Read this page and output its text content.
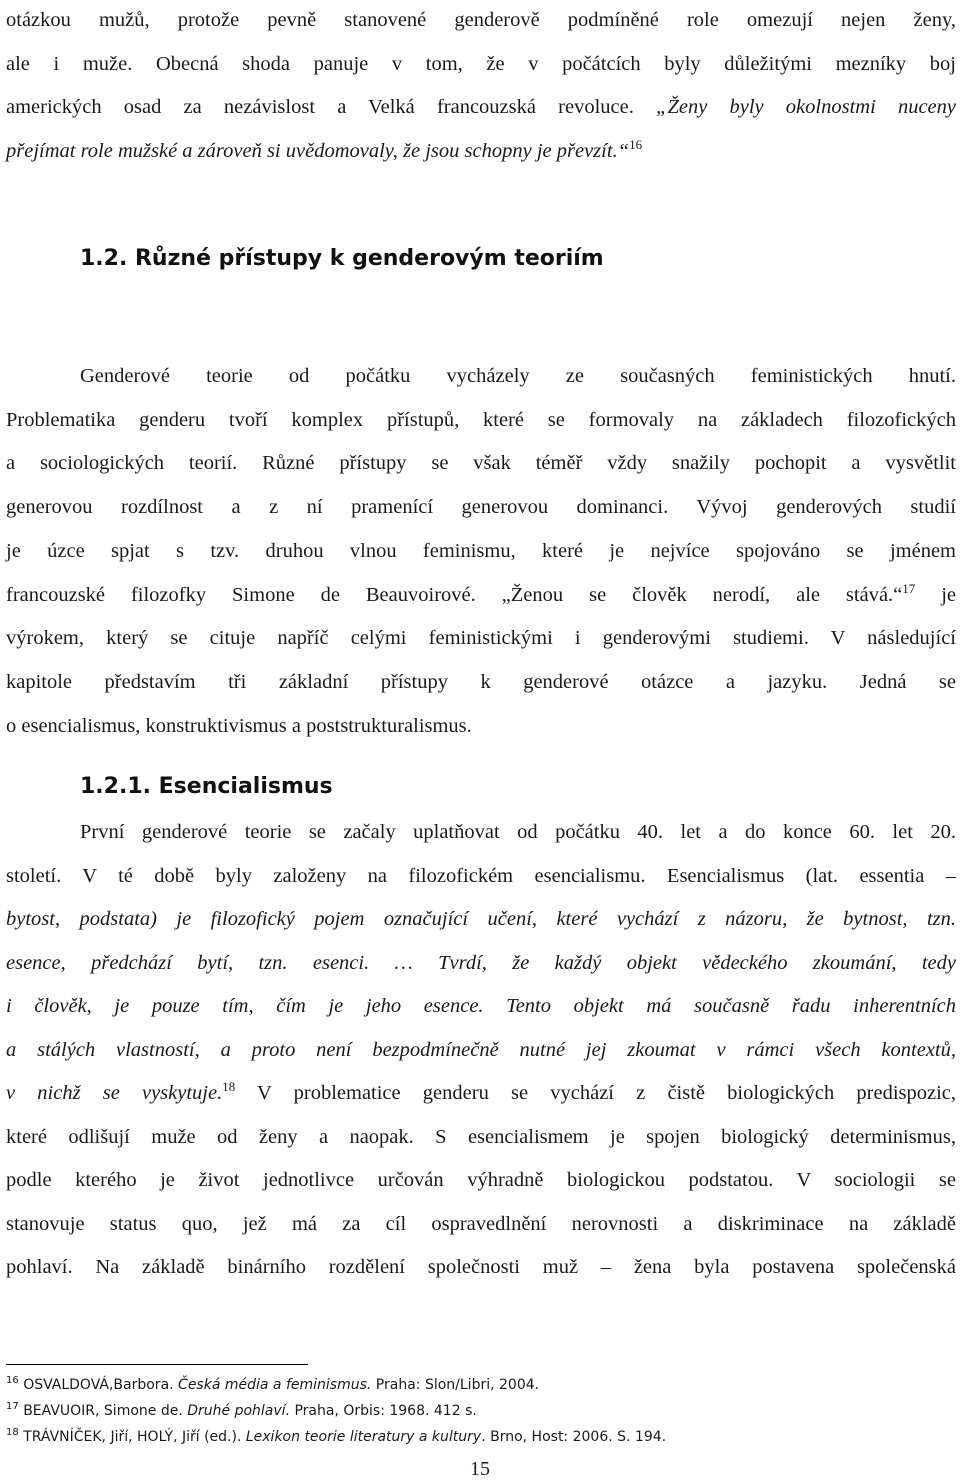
otázkou mužů, protože pevně stanovené genderově podmíněné role omezují nejen ženy,
ale i muže. Obecná shoda panuje v tom, že v počátcích byly důležitými mezníky boj
amerických osad za nezávislost a Velká francouzská revoluce. „Ženy byly okolnostmi nuceny
přejímat role mužské a zároveň si uvědomovaly, že jsou schopny je převzít.“$^{16}$
1.2. Různé přístupy k genderovým teoriím
Genderové teorie od počátku vycházely ze současných feministických hnutí.
Problematika genderu tvoří komplex přístupů, které se formovaly na základech filozofických
a sociologických teorií. Různé přístupy se však téměř vždy snažily pochopit a vysvětlit
generovou rozdílnost a z ní pramenící generovou dominanci. Vývoj genderových studií
je úzce spjat s tzv. druhou vlnou feminismu, které je nejvíce spojováno se jménem
francouzské filozofky Simone de Beauvoirové. „Ženou se člověk nerodí, ale stává.“$^{17}$ je
výrokem, který se cituje napříč celými feministickými i genderovými studiemi. V následující
kapitole představím tři základní přístupy k genderové otázce a jazyku. Jedná se
o esencialismus, konstruktivismus a poststrukturalismus.
1.2.1. Esencialismus
První genderové teorie se začaly uplatňovat od počátku 40. let a do konce 60. let 20.
století. V té době byly založeny na filozofickém esencialismu. Esencialismus (lat. essentia –
bytost, podstata) je filozofický pojem označující učení, které vychází z názoru, že bytnost, tzn.
esence, předchází bytí, tzn. esenci. … Tvrdí, že každý objekt vědeckého zkoumání, tedy
i člověk, je pouze tím, čím je jeho esence. Tento objekt má současně řadu inherentních
a stálých vlastností, a proto není bezpodmínečně nutné jej zkoumat v rámci všech kontextů,
v nichž se vyskytuje.$^{18}$ V problematice genderu se vychází z čistě biologických predispozic,
které odlišují muže od ženy a naopak. S esencialismem je spojen biologický determinismus,
podle kterého je život jednotlivce určován výhradně biologickou podstatou. V sociologii se
stanovuje status quo, jež má za cíl ospravedlnění nerovnosti a diskriminace na základě
pohlaví. Na základě binárního rozdělení společnosti muž – žena byla postavena společenská
$^{16}$ OSVALDOVÁ,Barbora. Česká média a feminismus. Praha: Slon/Libri, 2004.
$^{17}$ BEAVUOIR, Simone de. Druhé pohlaví. Praha, Orbis: 1968. 412 s.
$^{18}$ TRÁVNÍČEK, Jiří, HOLÝ, Jiří (ed.). Lexikon teorie literatury a kultury. Brno, Host: 2006. S. 194.
15
